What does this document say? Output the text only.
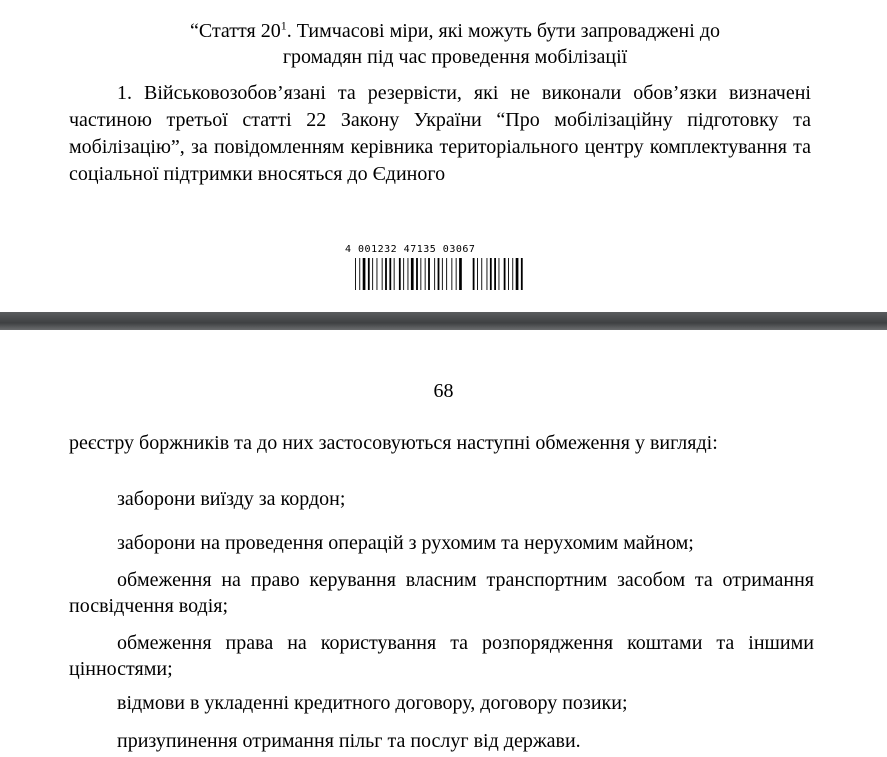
“Стаття $20^1$. Тимчасові міри, які можуть бути запроваджені до
громадян під час проведення мобілізації
1. Військовозобов’язані та резервісти, які не виконали обов’язки визначені частиною третьої статті 22 Закону України “Про мобілізаційну підготовку та мобілізацію”, за повідомленням керівника територіального центру комплектування та соціальної підтримки вносяться до Єдиного
4 001232 47135 03067
68
реєстру боржників та до них застосовуються наступні обмеження у вигляді:
заборони виїзду за кордон;
заборони на проведення операцій з рухомим та нерухомим майном;
обмеження на право керування власним транспортним засобом та отримання посвідчення водія;
обмеження права на користування та розпорядження коштами та іншими цінностями;
відмови в укладенні кредитного договору, договору позики;
призупинення отримання пільг та послуг від держави.
